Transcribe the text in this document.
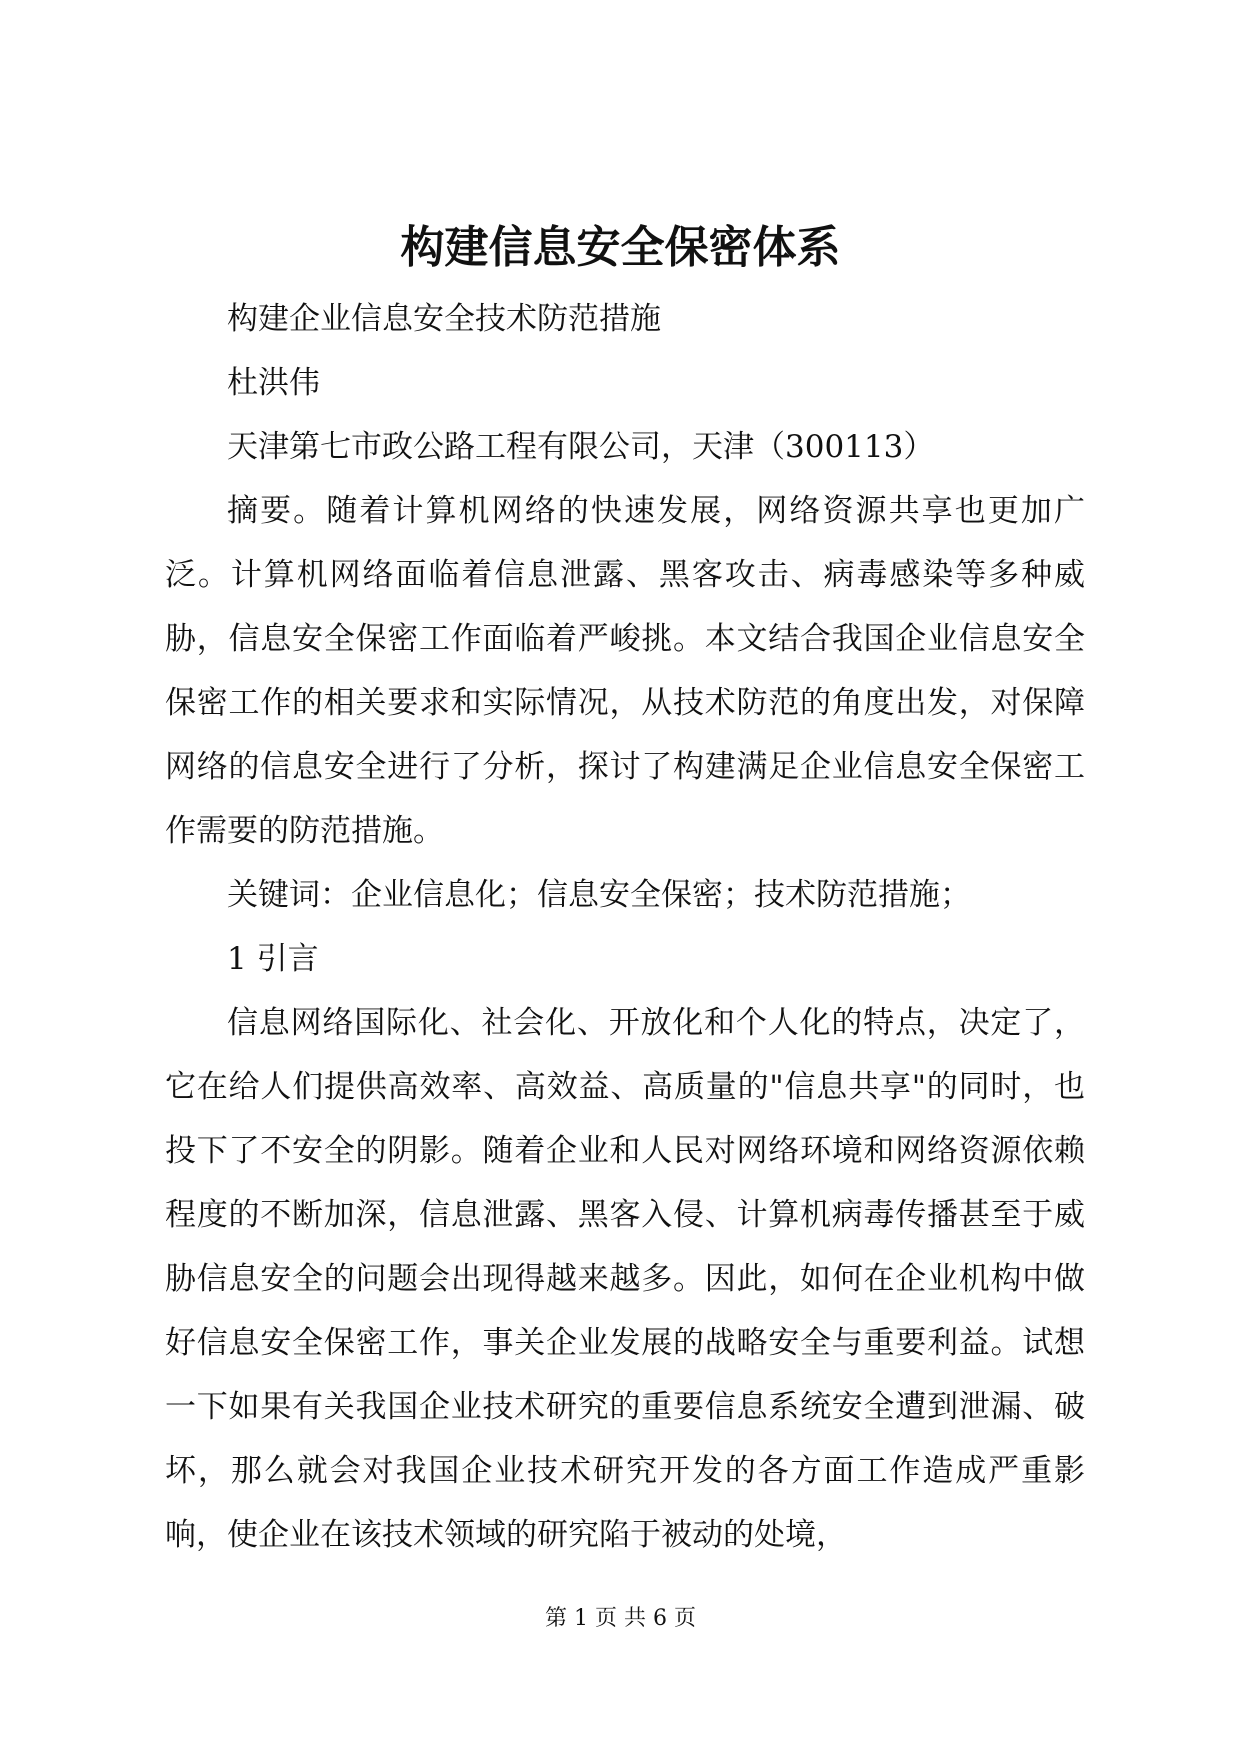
构建信息安全保密体系

构建企业信息安全技术防范措施

杜洪伟

天津第七市政公路工程有限公司，天津（300113）

摘要。随着计算机网络的快速发展，网络资源共享也更加广泛。计算机网络面临着信息泄露、黑客攻击、病毒感染等多种威胁，信息安全保密工作面临着严峻挑。本文结合我国企业信息安全保密工作的相关要求和实际情况，从技术防范的角度出发，对保障网络的信息安全进行了分析，探讨了构建满足企业信息安全保密工作需要的防范措施。

关键词：企业信息化；信息安全保密；技术防范措施；

1 引言

信息网络国际化、社会化、开放化和个人化的特点，决定了，它在给人们提供高效率、高效益、高质量的"信息共享"的同时，也投下了不安全的阴影。随着企业和人民对网络环境和网络资源依赖程度的不断加深，信息泄露、黑客入侵、计算机病毒传播甚至于威胁信息安全的问题会出现得越来越多。因此，如何在企业机构中做好信息安全保密工作，事关企业发展的战略安全与重要利益。试想一下如果有关我国企业技术研究的重要信息系统安全遭到泄漏、破坏，那么就会对我国企业技术研究开发的各方面工作造成严重影响，使企业在该技术领域的研究陷于被动的处境，

第 1 页 共 6 页
